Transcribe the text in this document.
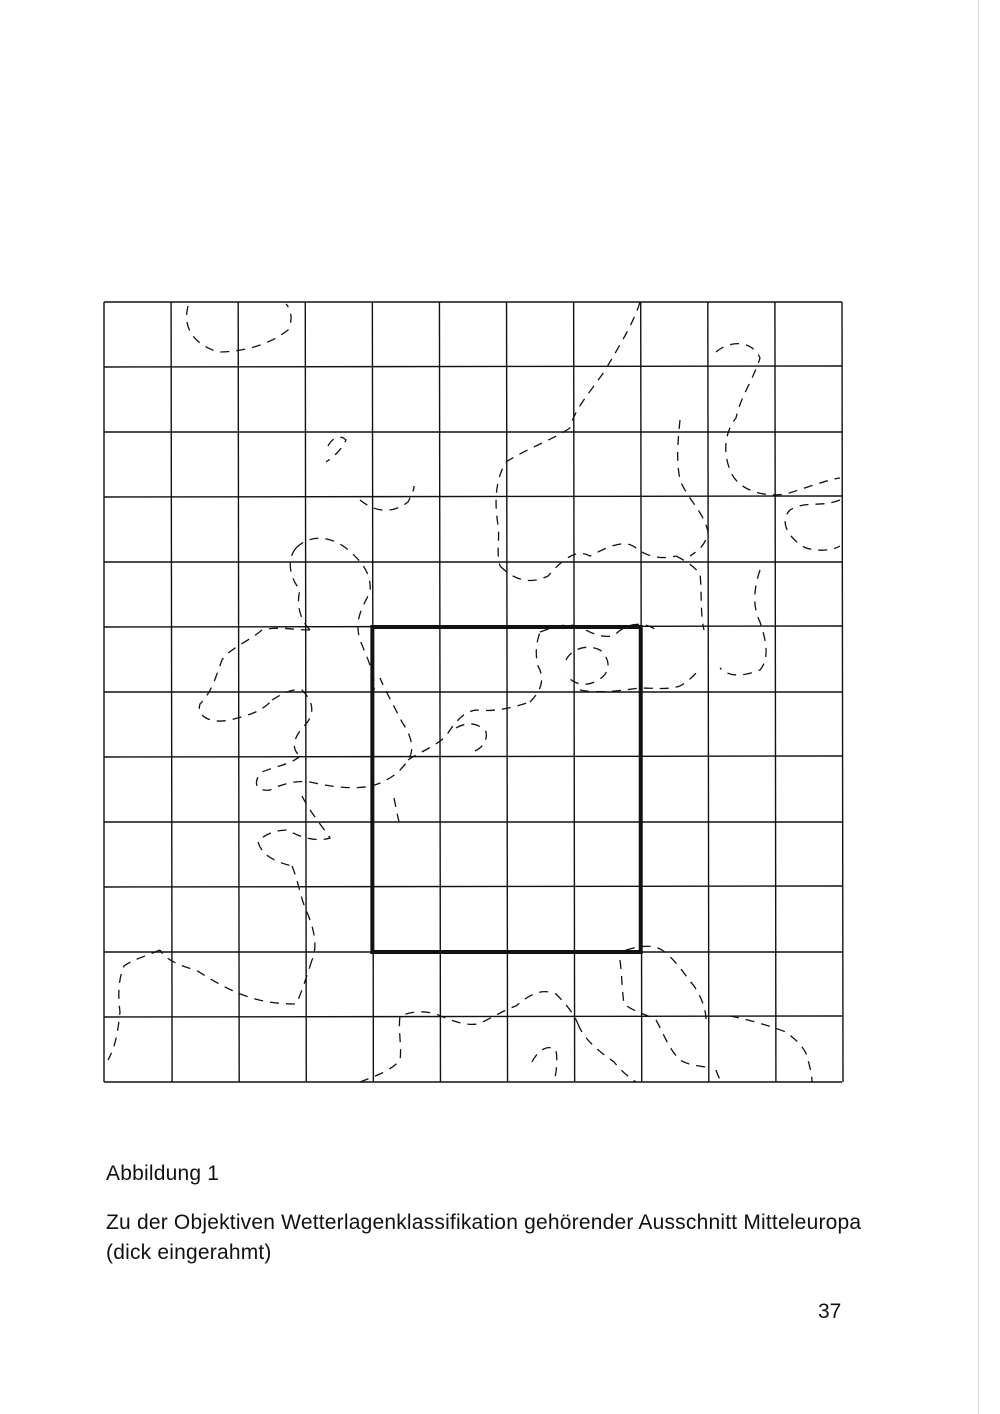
Abbildung 1
Zu der Objektiven Wetterlagenklassifikation gehörender Ausschnitt Mitteleuropa
(dick eingerahmt)
37
